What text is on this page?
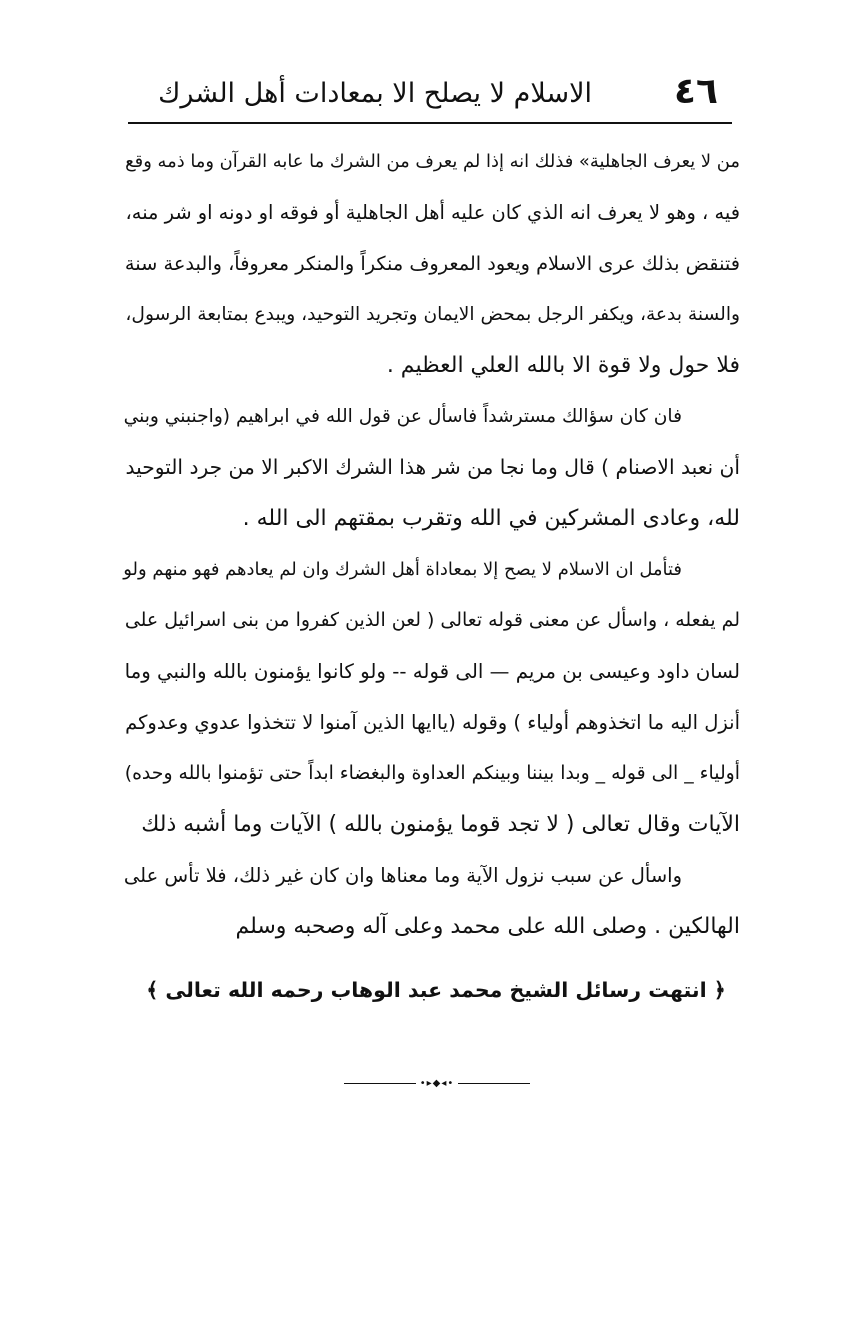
٤٦
الاسلام لا يصلح الا بمعادات أهل الشرك
من لا يعرف الجاهلية» فذلك انه إذا لم يعرف من الشرك ما عابه القرآن وما ذمه وقع
فيه ، وهو لا يعرف انه الذي كان عليه أهل الجاهلية أو فوقه او دونه او شر منه،
فتنقض بذلك عرى الاسلام ويعود المعروف منكراً والمنكر معروفاً، والبدعة سنة
والسنة بدعة، ويكفر الرجل بمحض الايمان وتجريد التوحيد، ويبدع بمتابعة الرسول،
فلا حول ولا قوة الا بالله العلي العظيم .
فان كان سؤالك مسترشداً فاسأل عن قول الله في ابراهيم (واجنبني وبني
أن نعبد الاصنام ) قال وما نجا من شر هذا الشرك الاكبر الا من جرد التوحيد
لله، وعادى المشركين في الله وتقرب بمقتهم الى الله .
فتأمل ان الاسلام لا يصح إلا بمعاداة أهل الشرك وان لم يعادهم فهو منهم ولو
لم يفعله ، واسأل عن معنى قوله تعالى ( لعن الذين كفروا من بنى اسرائيل على
لسان داود وعيسى بن مريم — الى قوله -- ولو كانوا يؤمنون بالله والنبي وما
أنزل اليه ما اتخذوهم أولياء ) وقوله (ياايها الذين آمنوا لا تتخذوا عدوي وعدوكم
أولياء _ الى قوله _ وبدا بيننا وبينكم العداوة والبغضاء ابداً حتى تؤمنوا بالله وحده)
الآيات وقال تعالى ( لا تجد قوما يؤمنون بالله ) الآيات وما أشبه ذلك
واسأل عن سبب نزول الآية وما معناها وان كان غير ذلك، فلا تأس على
الهالكين . وصلى الله على محمد وعلى آله وصحبه وسلم
﴿ انتهت رسائل الشيخ محمد عبد الوهاب رحمه الله تعالى ﴾
•◂◆▸•
